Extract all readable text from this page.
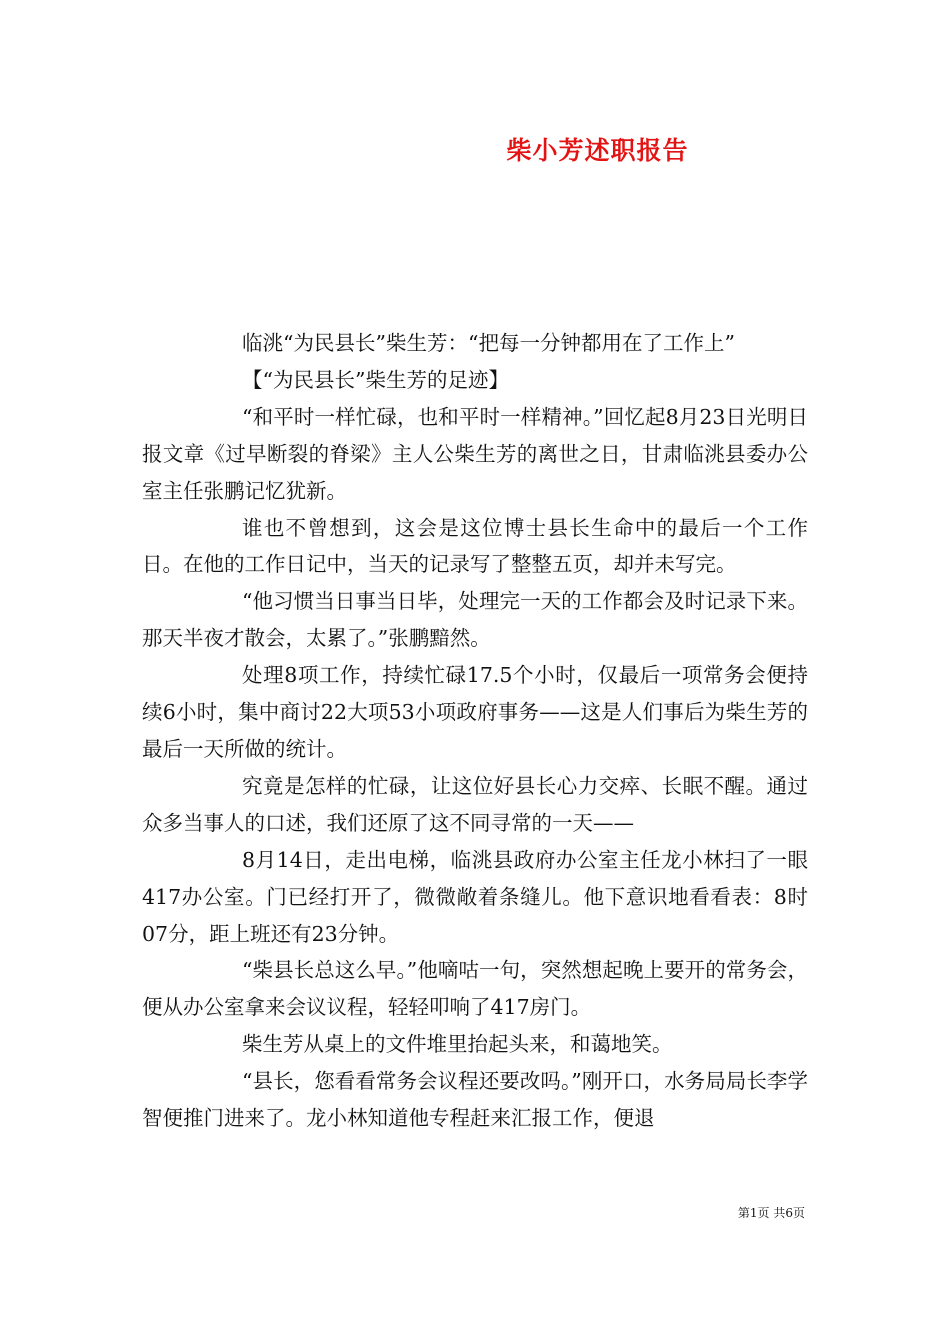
柴小芳述职报告

临洮“为民县长”柴生芳：“把每一分钟都用在了工作上”

【“为民县长”柴生芳的足迹】

“和平时一样忙碌，也和平时一样精神。”回忆起8月23日光明日报文章《过早断裂的脊梁》主人公柴生芳的离世之日，甘肃临洮县委办公室主任张鹏记忆犹新。

谁也不曾想到，这会是这位博士县长生命中的最后一个工作日。在他的工作日记中，当天的记录写了整整五页，却并未写完。

“他习惯当日事当日毕，处理完一天的工作都会及时记录下来。那天半夜才散会，太累了。”张鹏黯然。

处理8项工作，持续忙碌17.5个小时，仅最后一项常务会便持续6小时，集中商讨22大项53小项政府事务——这是人们事后为柴生芳的最后一天所做的统计。

究竟是怎样的忙碌，让这位好县长心力交瘁、长眠不醒。通过众多当事人的口述，我们还原了这不同寻常的一天——

8月14日，走出电梯，临洮县政府办公室主任龙小林扫了一眼417办公室。门已经打开了，微微敞着条缝儿。他下意识地看看表：8时07分，距上班还有23分钟。

“柴县长总这么早。”他嘀咕一句，突然想起晚上要开的常务会，便从办公室拿来会议议程，轻轻叩响了417房门。

柴生芳从桌上的文件堆里抬起头来，和蔼地笑。

“县长，您看看常务会议程还要改吗。”刚开口，水务局局长李学智便推门进来了。龙小林知道他专程赶来汇报工作，便退

第1页 共6页
